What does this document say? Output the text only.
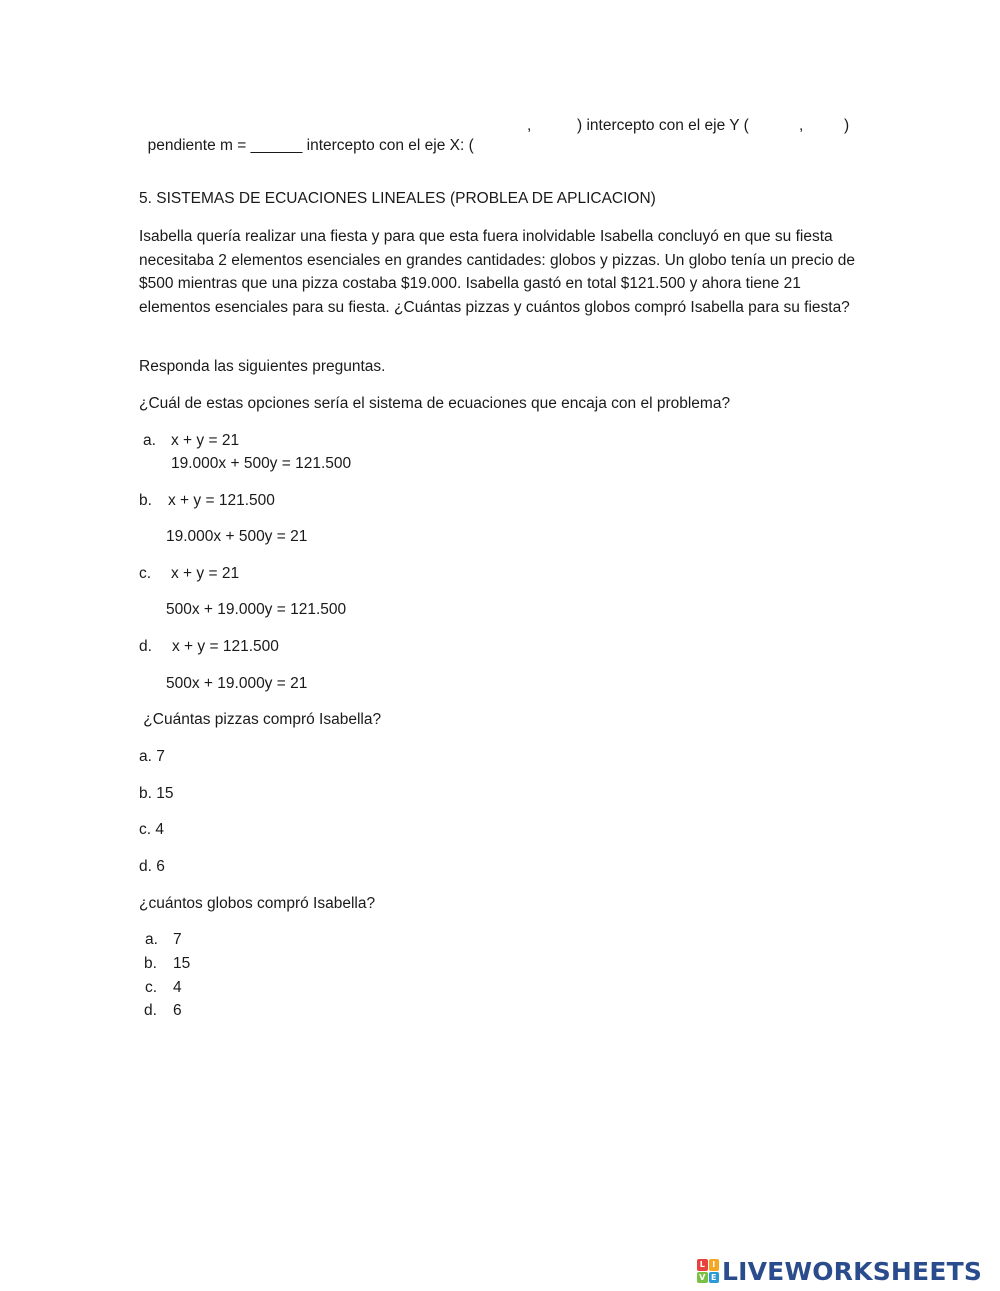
pendiente m = ______ intercepto con el eje X: (

,	) intercepto con el eje Y (	,	)
5. SISTEMAS DE ECUACIONES LINEALES (PROBLEA DE APLICACION)
Isabella quería realizar una fiesta y para que esta fuera inolvidable Isabella concluyó en que su fiesta necesitaba 2 elementos esenciales en grandes cantidades: globos y pizzas. Un globo tenía un precio de $500 mientras que una pizza costaba $19.000. Isabella gastó en total $121.500 y ahora tiene 21 elementos esenciales para su fiesta. ¿Cuántas pizzas y cuántos globos compró Isabella para su fiesta?
Responda las siguientes preguntas.
¿Cuál de estas opciones sería el sistema de ecuaciones que encaja con el problema?
a. x + y = 21
19.000x + 500y = 121.500
b. x + y = 121.500
19.000x + 500y = 21
c. x + y = 21
500x + 19.000y = 121.500
d. x + y = 121.500
500x + 19.000y = 21
¿Cuántas pizzas compró Isabella?
a. 7
b. 15
c. 4
d. 6
¿cuántos globos compró Isabella?
a. 7
b. 15
c. 4
d. 6
L I
V E LIVEWORKSHEETS
